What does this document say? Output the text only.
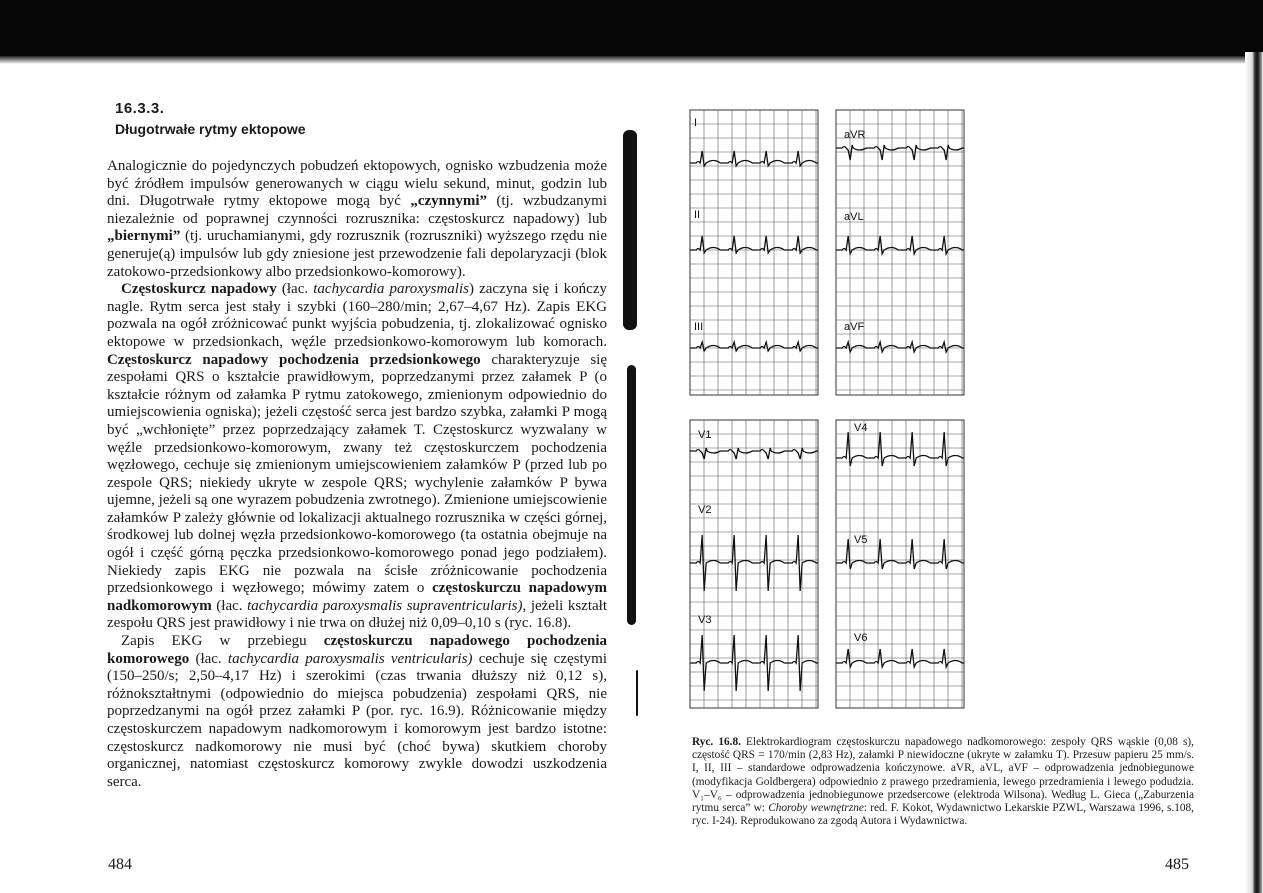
16.3.3.
Długotrwałe rytmy ektopowe

Analogicznie do pojedynczych pobudzeń ektopowych, ognisko wzbudzenia może być źródłem impulsów generowanych w ciągu wielu sekund, minut, godzin lub dni. Długotrwałe rytmy ektopowe mogą być „czynnymi” (tj. wzbudzanymi niezależnie od poprawnej czynności rozrusznika: częstoskurcz napadowy) lub „biernymi” (tj. uruchamianymi, gdy rozrusznik (rozruszniki) wyższego rzędu nie generuje(ą) impulsów lub gdy zniesione jest przewodzenie fali depolaryzacji (blok zatokowo-przedsionkowy albo przedsionkowo-komorowy).

Częstoskurcz napadowy (łac. tachycardia paroxysmalis) zaczyna się i kończy nagle. Rytm serca jest stały i szybki (160–280/min; 2,67–4,67 Hz). Zapis EKG pozwala na ogół zróżnicować punkt wyjścia pobudzenia, tj. zlokalizować ognisko ektopowe w przedsionkach, węźle przedsionkowo-komorowym lub komorach. Częstoskurcz napadowy pochodzenia przedsionkowego charakteryzuje się zespołami QRS o kształcie prawidłowym, poprzedzanymi przez załamek P (o kształcie różnym od załamka P rytmu zatokowego, zmienionym odpowiednio do umiejscowienia ogniska); jeżeli częstość serca jest bardzo szybka, załamki P mogą być „wchłonięte” przez poprzedzający załamek T. Częstoskurcz wyzwalany w węźle przedsionkowo-komorowym, zwany też częstoskurczem pochodzenia węzłowego, cechuje się zmienionym umiejscowieniem załamków P (przed lub po zespole QRS; niekiedy ukryte w zespole QRS; wychylenie załamków P bywa ujemne, jeżeli są one wyrazem pobudzenia zwrotnego). Zmienione umiejscowienie załamków P zależy głównie od lokalizacji aktualnego rozrusznika w części górnej, środkowej lub dolnej węzła przedsionkowo-komorowego (ta ostatnia obejmuje na ogół i część górną pęczka przedsionkowo-komorowego ponad jego podziałem). Niekiedy zapis EKG nie pozwala na ścisłe zróżnicowanie pochodzenia przedsionkowego i węzłowego; mówimy zatem o częstoskurczu napadowym nadkomorowym (łac. tachycardia paroxysmalis supraventricularis), jeżeli kształt zespołu QRS jest prawidłowy i nie trwa on dłużej niż 0,09–0,10 s (ryc. 16.8).

Zapis EKG w przebiegu częstoskurczu napadowego pochodzenia komorowego (łac. tachycardia paroxysmalis ventricularis) cechuje się częstymi (150–250/s; 2,50–4,17 Hz) i szerokimi (czas trwania dłuższy niż 0,12 s), różnokształtnymi (odpowiednio do miejsca pobudzenia) zespołami QRS, nie poprzedzanymi na ogół przez załamki P (por. ryc. 16.9). Różnicowanie między częstoskurczem napadowym nadkomorowym i komorowym jest bardzo istotne: częstoskurcz nadkomorowy nie musi być (choć bywa) skutkiem choroby organicznej, natomiast częstoskurcz komorowy zwykle dowodzi uszkodzenia serca.

484
I
II
III
aVR
aVL
aVF
V1
V2
V3
V4
V5
V6
Ryc. 16.8. Elektrokardiogram częstoskurczu napadowego nadkomorowego: zespoły QRS wąskie (0,08 s), częstość QRS = 170/min (2,83 Hz), załamki P niewidoczne (ukryte w załamku T). Przesuw papieru 25 mm/s. I, II, III – standardowe odprowadzenia kończynowe. aVR, aVL, aVF – odprowadzenia jednobiegunowe (modyfikacja Goldbergera) odpowiednio z prawego przedramienia, lewego przedramienia i lewego podudzia. V₁–V₆ – odprowadzenia jednobiegunowe przedsercowe (elektroda Wilsona). Według L. Giecа („Zaburzenia rytmu serca” w: Choroby wewnętrzne: red. F. Kokot, Wydawnictwo Lekarskie PZWL, Warszawa 1996, s.108, ryc. I-24). Reprodukowano za zgodą Autora i Wydawnictwa.
485
